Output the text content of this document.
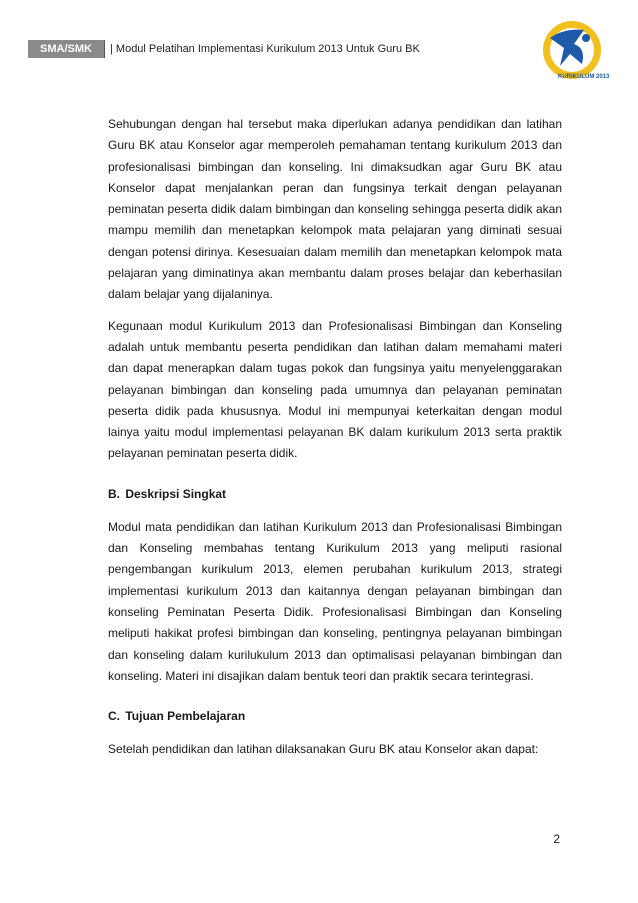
SMA/SMK	| Modul Pelatihan Implementasi Kurikulum 2013 Untuk Guru BK
KURIKULUM 2013

Sehubungan dengan hal tersebut maka diperlukan adanya pendidikan dan latihan Guru BK atau Konselor agar memperoleh pemahaman tentang kurikulum 2013 dan profesionalisasi bimbingan dan konseling. Ini dimaksudkan agar Guru BK atau Konselor dapat menjalankan peran dan fungsinya terkait dengan pelayanan peminatan peserta didik dalam bimbingan dan konseling sehingga peserta didik akan mampu memilih dan menetapkan kelompok mata pelajaran yang diminati sesuai dengan potensi dirinya. Kesesuaian dalam memilih dan menetapkan kelompok mata pelajaran yang diminatinya akan membantu dalam proses belajar dan keberhasilan dalam belajar yang dijalaninya.

Kegunaan modul Kurikulum 2013 dan Profesionalisasi Bimbingan dan Konseling adalah untuk membantu peserta pendidikan dan latihan dalam memahami materi dan dapat menerapkan dalam tugas pokok dan fungsinya yaitu menyelenggarakan pelayanan bimbingan dan konseling pada umumnya dan pelayanan peminatan peserta didik pada khususnya. Modul ini mempunyai keterkaitan dengan modul lainya yaitu modul implementasi pelayanan BK dalam kurikulum 2013 serta praktik pelayanan peminatan peserta didik.

B. Deskripsi Singkat

Modul mata pendidikan dan latihan Kurikulum 2013 dan Profesionalisasi Bimbingan dan Konseling membahas tentang Kurikulum 2013 yang meliputi rasional pengembangan kurikulum 2013, elemen perubahan kurikulum 2013, strategi implementasi kurikulum 2013 dan kaitannya dengan pelayanan bimbingan dan konseling Peminatan Peserta Didik. Profesionalisasi Bimbingan dan Konseling meliputi hakikat profesi bimbingan dan konseling, pentingnya pelayanan bimbingan dan konseling dalam kurilukulum 2013 dan optimalisasi pelayanan bimbingan dan konseling. Materi ini disajikan dalam bentuk teori dan praktik secara terintegrasi.

C. Tujuan Pembelajaran

Setelah pendidikan dan latihan dilaksanakan Guru BK atau Konselor akan dapat:

2
